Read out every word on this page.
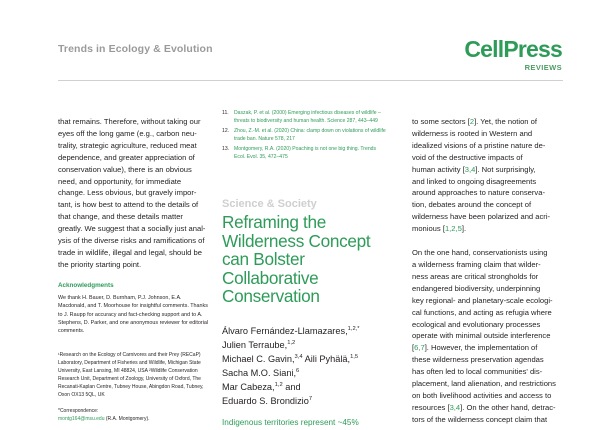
Trends in Ecology & Evolution	CellPress
REVIEWS
that remains. Therefore, without taking our
eyes off the long game (e.g., carbon neu-
trality, strategic agriculture, reduced meat
dependence, and greater appreciation of
conservation value), there is an obvious
need, and opportunity, for immediate
change. Less obvious, but gravely impor-
tant, is how best to attend to the details of
that change, and these details matter
greatly. We suggest that a socially just anal-
ysis of the diverse risks and ramifications of
trade in wildlife, illegal and legal, should be
the priority starting point.
Acknowledgments
We thank H. Bauer, D. Burnham, P.J. Johnson, E.A. Macdonald, and T. Moorhouse for insightful comments. Thanks to J. Raupp for accuracy and fact-checking support and to A. Stephens, D. Parker, and one anonymous reviewer for editorial comments.
¹Research on the Ecology of Carnivores and their Prey (RECaP) Laboratory, Department of Fisheries and Wildlife, Michigan State University, East Lansing, MI 48824, USA ²Wildlife Conservation Research Unit, Department of Zoology, University of Oxford, The Recanati-Kaplan Centre, Tubney House, Abingdon Road, Tubney, Oxon OX13 5QL, UK
*Correspondence:
montg164@msu.edu (R.A. Montgomery).
11. Daszak, P. et al. (2000) Emerging infectious diseases of wildlife – threats to biodiversity and human health. Science 287, 443–449
12. Zhou, Z.-M. et al. (2020) China: clamp down on violations of wildlife trade ban. Nature 578, 217
13. Montgomery, R.A. (2020) Poaching is not one big thing. Trends Ecol. Evol. 35, 472–475
Science & Society
Reframing the
Wilderness Concept
can Bolster
Collaborative
Conservation
Álvaro Fernández-Llamazares,$^{1,2,*}$
Julien Terraube,$^{1,2}$
Michael C. Gavin,$^{3,4}$ Aili Pyhälä,$^{1,5}$
Sacha M.O. Siani,$^6$
Mar Cabeza,$^{1,2}$ and
Eduardo S. Brondizio$^7$
Indigenous territories represent ~45%

to some sectors [2]. Yet, the notion of
wilderness is rooted in Western and
idealized visions of a pristine nature de-
void of the destructive impacts of
human activity [3,4]. Not surprisingly,
and linked to ongoing disagreements
around approaches to nature conserva-
tion, debates around the concept of
wilderness have been polarized and acri-
monious [1,2,5].

On the one hand, conservationists using
a wilderness framing claim that wilder-
ness areas are critical strongholds for
endangered biodiversity, underpinning
key regional- and planetary-scale ecologi-
cal functions, and acting as refugia where
ecological and evolutionary processes
operate with minimal outside interference
[6,7]. However, the implementation of
these wilderness preservation agendas
has often led to local communities' dis-
placement, land alienation, and restrictions
on both livelihood activities and access to
resources [3,4]. On the other hand, detrac-
tors of the wilderness concept claim that
